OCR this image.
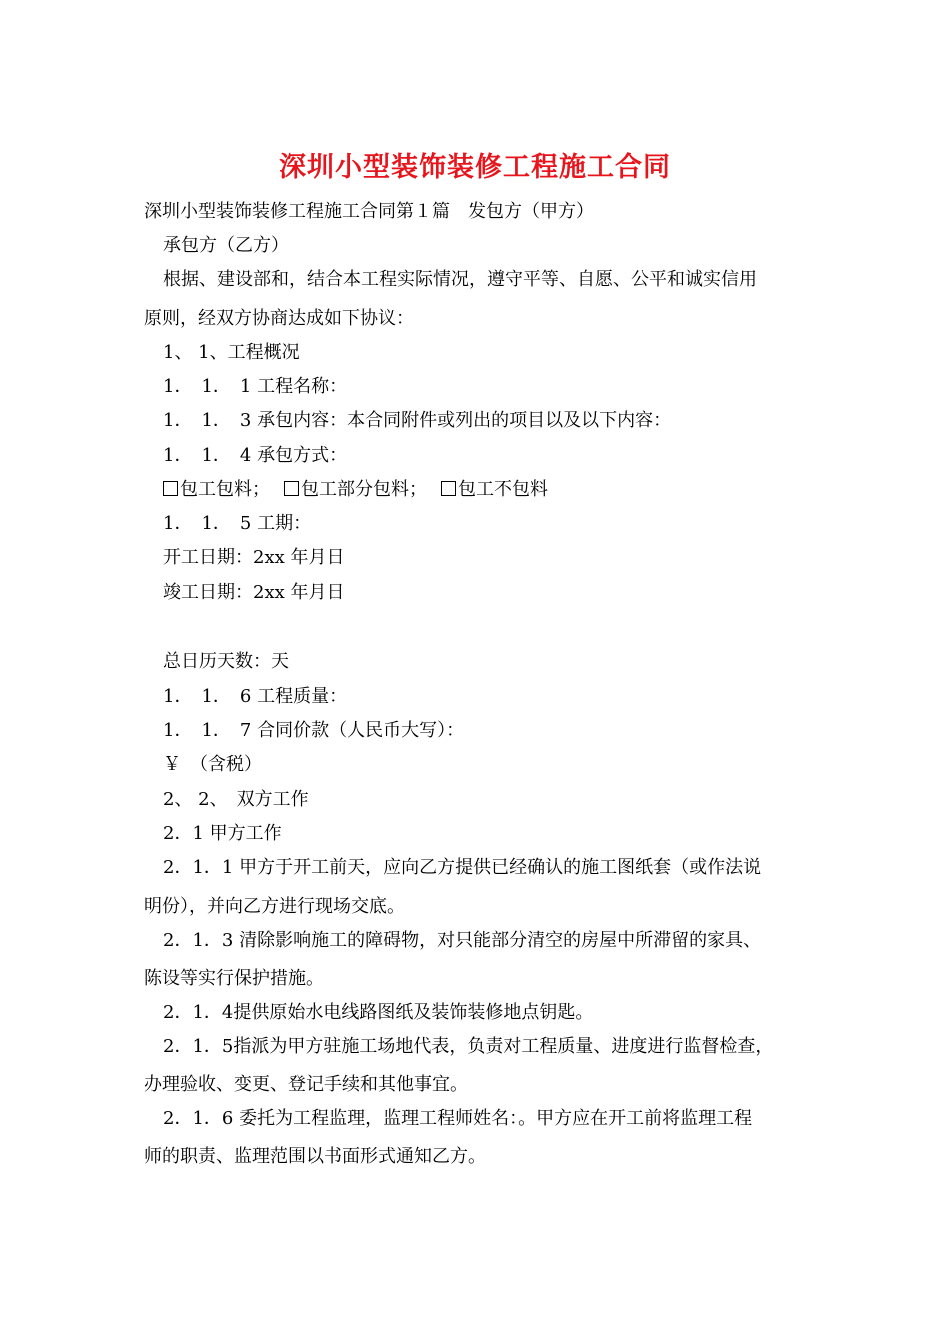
深圳小型装饰装修工程施工合同
深圳小型装饰装修工程施工合同第１篇　发包方（甲方）
承包方（乙方）
根据、建设部和，结合本工程实际情况，遵守平等、自愿、公平和诚实信用
原则，经双方协商达成如下协议：
1、 1、工程概况
1．　1．　1 工程名称：
1．　1．　3 承包内容：本合同附件或列出的项目以及以下内容：
1．　1．　4 承包方式：
包工包料； 包工部分包料； 包工不包料
1．　1．　5 工期：
开工日期：2xx 年月日
竣工日期：2xx 年月日
总日历天数：天
1．　1．　6 工程质量：
1．　1．　7 合同价款（人民币大写）：
￥　（含税）
2、 2、　双方工作
2．1 甲方工作
2．1．1 甲方于开工前天，应向乙方提供已经确认的施工图纸套（或作法说
明份），并向乙方进行现场交底。
2．1．3 清除影响施工的障碍物，对只能部分清空的房屋中所滞留的家具、
陈设等实行保护措施。
2．1．4提供原始水电线路图纸及装饰装修地点钥匙。
2．1．5指派为甲方驻施工场地代表，负责对工程质量、进度进行监督检查，
办理验收、变更、登记手续和其他事宜。
2．1．6 委托为工程监理，监理工程师姓名：。甲方应在开工前将监理工程
师的职责、监理范围以书面形式通知乙方。
